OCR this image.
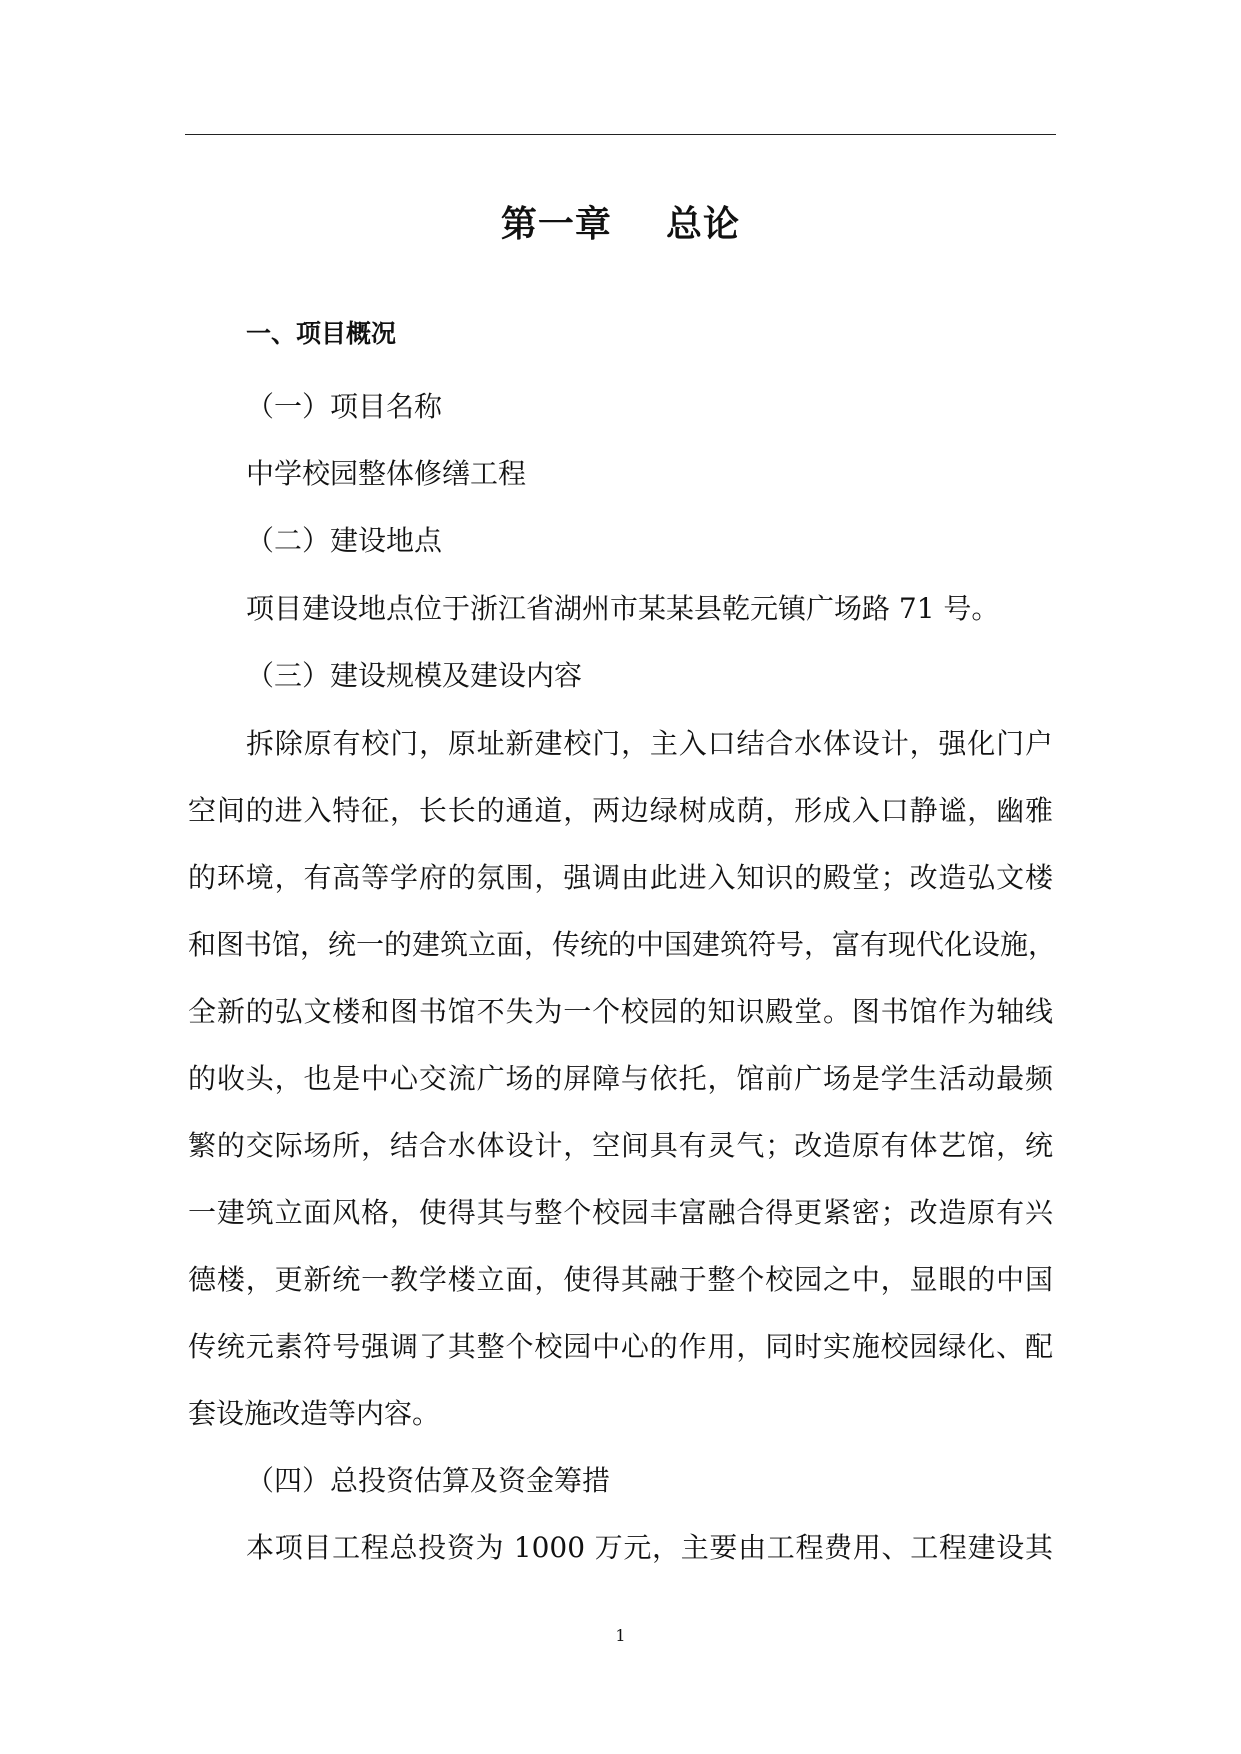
第一章    总论
一、项目概况
（一）项目名称
中学校园整体修缮工程
（二）建设地点
项目建设地点位于浙江省湖州市某某县乾元镇广场路 71 号。
（三）建设规模及建设内容
拆除原有校门，原址新建校门，主入口结合水体设计，强化门户
空间的进入特征，长长的通道，两边绿树成荫，形成入口静谧，幽雅
的环境，有高等学府的氛围，强调由此进入知识的殿堂；改造弘文楼
和图书馆，统一的建筑立面，传统的中国建筑符号，富有现代化设施，
全新的弘文楼和图书馆不失为一个校园的知识殿堂。图书馆作为轴线
的收头，也是中心交流广场的屏障与依托，馆前广场是学生活动最频
繁的交际场所，结合水体设计，空间具有灵气；改造原有体艺馆，统
一建筑立面风格，使得其与整个校园丰富融合得更紧密；改造原有兴
德楼，更新统一教学楼立面，使得其融于整个校园之中，显眼的中国
传统元素符号强调了其整个校园中心的作用，同时实施校园绿化、配
套设施改造等内容。
（四）总投资估算及资金筹措
本项目工程总投资为 1000 万元，主要由工程费用、工程建设其
1
